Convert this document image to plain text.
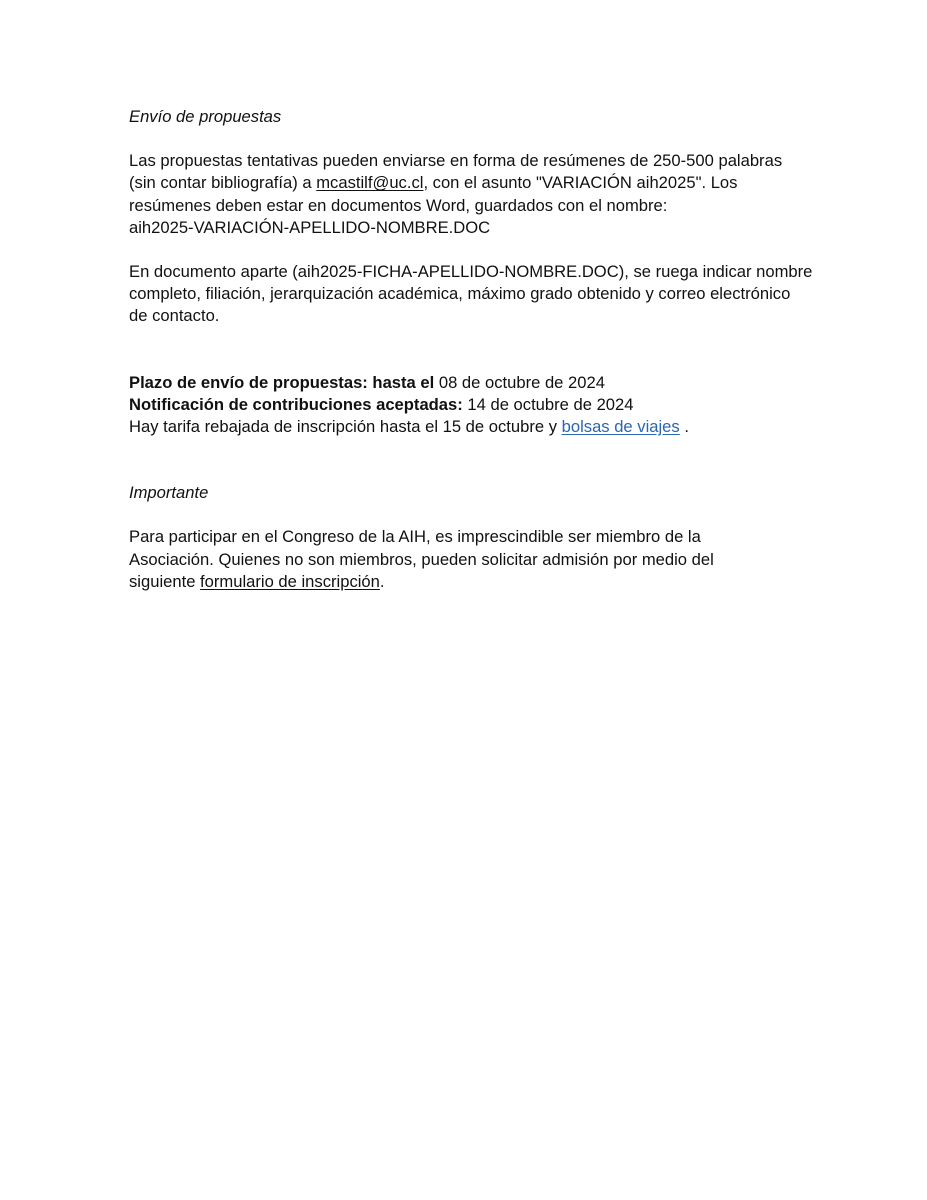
Envío de propuestas

Las propuestas tentativas pueden enviarse en forma de resúmenes de 250-500 palabras

(sin contar bibliografía) a mcastilf@uc.cl, con el asunto "VARIACIÓN aih2025". Los

resúmenes deben estar en documentos Word, guardados con el nombre:

aih2025-VARIACIÓN-APELLIDO-NOMBRE.DOC

En documento aparte (aih2025-FICHA-APELLIDO-NOMBRE.DOC), se ruega indicar nombre

completo, filiación, jerarquización académica, máximo grado obtenido y correo electrónico

de contacto.

Plazo de envío de propuestas: hasta el 08 de octubre de 2024

Notificación de contribuciones aceptadas: 14 de octubre de 2024

Hay tarifa rebajada de inscripción hasta el 15 de octubre y bolsas de viajes .

Importante

Para participar en el Congreso de la AIH, es imprescindible ser miembro de la

Asociación. Quienes no son miembros, pueden solicitar admisión por medio del

siguiente formulario de inscripción.
